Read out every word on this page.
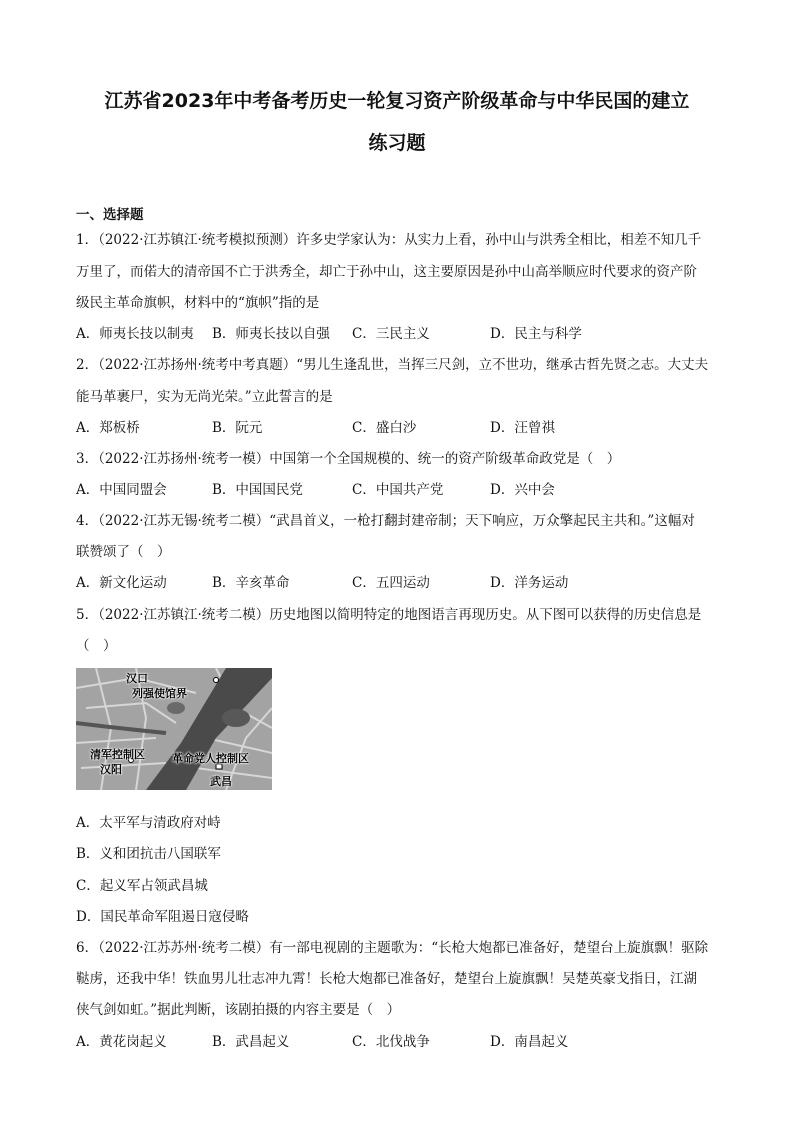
江苏省2023年中考备考历史一轮复习资产阶级革命与中华民国的建立
练习题
一、选择题
1．（2022·江苏镇江·统考模拟预测）许多史学家认为：从实力上看，孙中山与洪秀全相比，相差不知几千
万里了，而偌大的清帝国不亡于洪秀全，却亡于孙中山，这主要原因是孙中山高举顺应时代要求的资产阶
级民主革命旗帜，材料中的“旗帜”指的是
A．师夷长技以制夷 B．师夷长技以自强 C．三民主义	D．民主与科学
2．（2022·江苏扬州·统考中考真题）“男儿生逢乱世，当挥三尺剑，立不世功，继承古哲先贤之志。大丈夫
能马革裹尸，实为无尚光荣。”立此誓言的是
A．郑板桥	B．阮元	C．盛白沙	D．汪曾祺
3．（2022·江苏扬州·统考一模）中国第一个全国规模的、统一的资产阶级革命政党是（　）
A．中国同盟会	B．中国国民党	C．中国共产党	D．兴中会
4．（2022·江苏无锡·统考二模）“武昌首义，一枪打翻封建帝制；天下响应，万众擎起民主共和。”这幅对
联赞颂了（　）
A．新文化运动	B．辛亥革命	C．五四运动	D．洋务运动
5．（2022·江苏镇江·统考二模）历史地图以简明特定的地图语言再现历史。从下图可以获得的历史信息是
（　）
汉口
列强使馆界
清军控制区
汉阳
革命党人控制区
武昌
A．太平军与清政府对峙
B．义和团抗击八国联军
C．起义军占领武昌城
D．国民革命军阻遏日寇侵略
6．（2022·江苏苏州·统考二模）有一部电视剧的主题歌为：“长枪大炮都已准备好，楚望台上旋旗飘！驱除
鞑虏，还我中华！铁血男儿壮志冲九霄！长枪大炮都已准备好，楚望台上旋旗飘！吴楚英豪戈指日，江湖
侠气剑如虹。”据此判断，该剧拍摄的内容主要是（　）
A．黄花岗起义	B．武昌起义	C．北伐战争	D．南昌起义
